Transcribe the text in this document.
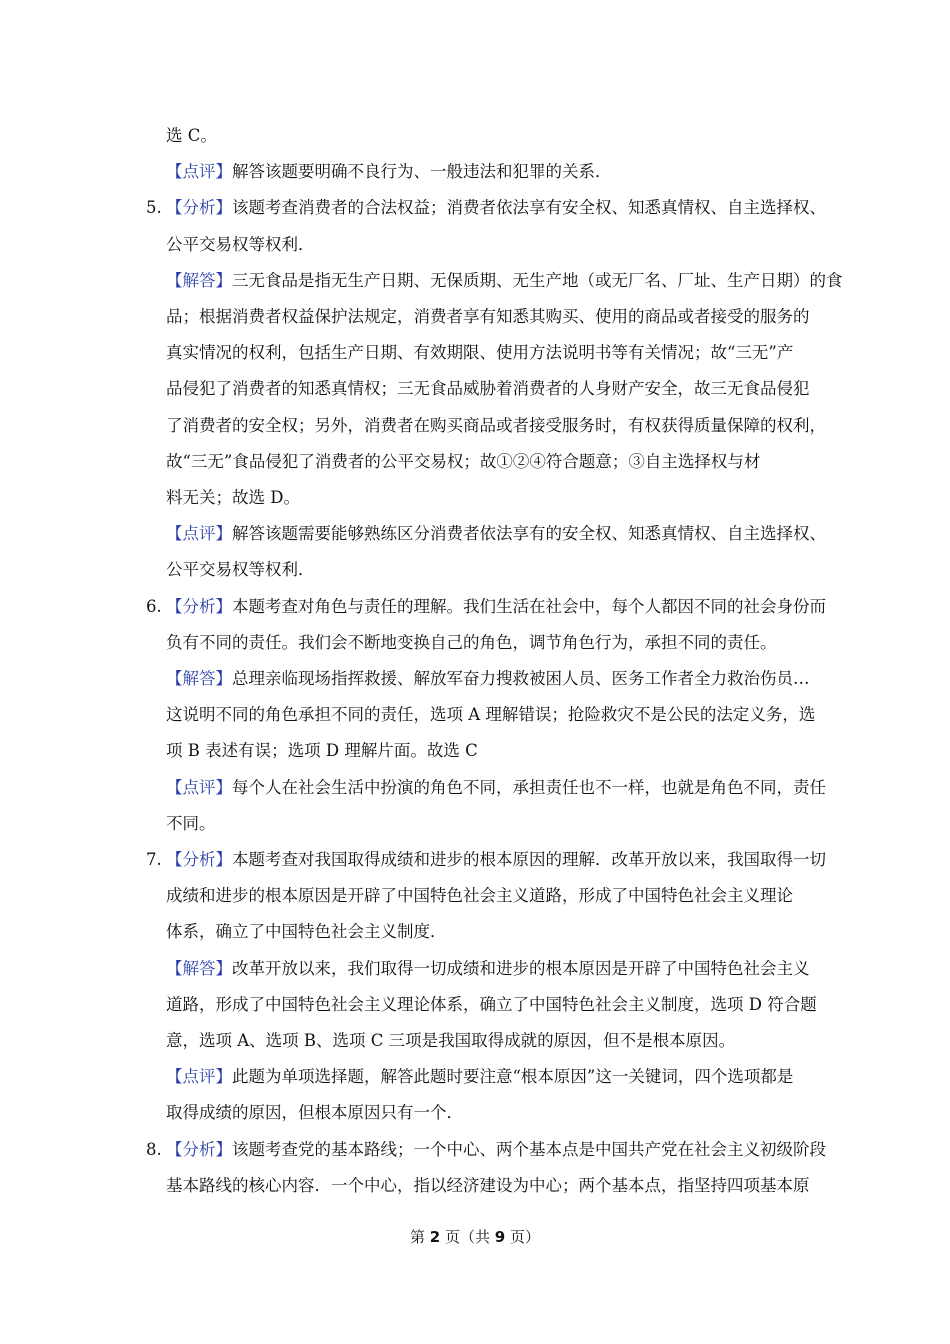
选 C。
【点评】解答该题要明确不良行为、一般违法和犯罪的关系．
5. 【分析】该题考查消费者的合法权益；消费者依法享有安全权、知悉真情权、自主选择权、
公平交易权等权利．
【解答】三无食品是指无生产日期、无保质期、无生产地（或无厂名、厂址、生产日期）的食
品；根据消费者权益保护法规定，消费者享有知悉其购买、使用的商品或者接受的服务的
真实情况的权利，包括生产日期、有效期限、使用方法说明书等有关情况；故“三无”产
品侵犯了消费者的知悉真情权；三无食品威胁着消费者的人身财产安全，故三无食品侵犯
了消费者的安全权；另外，消费者在购买商品或者接受服务时，有权获得质量保障的权利，
故“三无”食品侵犯了消费者的公平交易权；故①②④符合题意；③自主选择权与材
料无关；故选 D。
【点评】解答该题需要能够熟练区分消费者依法享有的安全权、知悉真情权、自主选择权、
公平交易权等权利．
6. 【分析】本题考查对角色与责任的理解。我们生活在社会中，每个人都因不同的社会身份而
负有不同的责任。我们会不断地变换自己的角色，调节角色行为，承担不同的责任。
【解答】总理亲临现场指挥救援、解放军奋力搜救被困人员、医务工作者全力救治伤员…
这说明不同的角色承担不同的责任，选项 A 理解错误；抢险救灾不是公民的法定义务，选
项 B 表述有误；选项 D 理解片面。故选 C
【点评】每个人在社会生活中扮演的角色不同，承担责任也不一样，也就是角色不同，责任
不同。
7. 【分析】本题考查对我国取得成绩和进步的根本原因的理解．改革开放以来，我国取得一切
成绩和进步的根本原因是开辟了中国特色社会主义道路，形成了中国特色社会主义理论
体系，确立了中国特色社会主义制度．
【解答】改革开放以来，我们取得一切成绩和进步的根本原因是开辟了中国特色社会主义
道路，形成了中国特色社会主义理论体系，确立了中国特色社会主义制度，选项 D 符合题
意，选项 A、选项 B、选项 C 三项是我国取得成就的原因，但不是根本原因。
【点评】此题为单项选择题，解答此题时要注意“根本原因”这一关键词，四个选项都是
取得成绩的原因，但根本原因只有一个．
8. 【分析】该题考查党的基本路线；一个中心、两个基本点是中国共产党在社会主义初级阶段
基本路线的核心内容．一个中心，指以经济建设为中心；两个基本点，指坚持四项基本原
第 2 页（共 9 页）
